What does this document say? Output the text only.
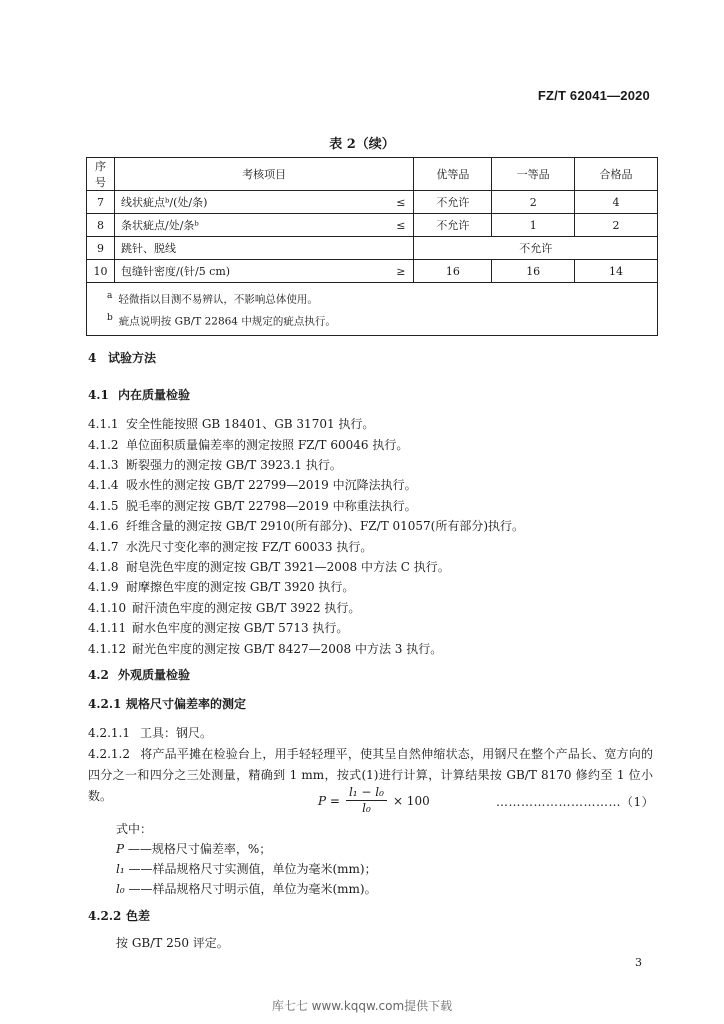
FZ/T 62041—2020
表 2（续）
序号	考核项目	优等品	一等品	合格品
7	线状疵点ᵇ/(处/条) ≤	不允许	2	4
8	条状疵点/处/条ᵇ ≤	不允许	1	2
9	跳针、脱线	不允许		
10	包缝针密度/(针/5 cm) ≥	16	16	14

$^a$ 轻微指以目测不易辨认，不影响总体使用。
$^b$ 疵点说明按 GB/T 22864 中规定的疵点执行。				
4 试验方法
4.1 内在质量检验
4.1.1 安全性能按照 GB 18401、GB 31701 执行。
4.1.2 单位面积质量偏差率的测定按照 FZ/T 60046 执行。
4.1.3 断裂强力的测定按 GB/T 3923.1 执行。
4.1.4 吸水性的测定按 GB/T 22799—2019 中沉降法执行。
4.1.5 脱毛率的测定按 GB/T 22798—2019 中称重法执行。
4.1.6 纤维含量的测定按 GB/T 2910(所有部分)、FZ/T 01057(所有部分)执行。
4.1.7 水洗尺寸变化率的测定按 FZ/T 60033 执行。
4.1.8 耐皂洗色牢度的测定按 GB/T 3921—2008 中方法 C 执行。
4.1.9 耐摩擦色牢度的测定按 GB/T 3920 执行。
4.1.10 耐汗渍色牢度的测定按 GB/T 3922 执行。
4.1.11 耐水色牢度的测定按 GB/T 5713 执行。
4.1.12 耐光色牢度的测定按 GB/T 8427—2008 中方法 3 执行。
4.2 外观质量检验
4.2.1 规格尺寸偏差率的测定
4.2.1.1 工具：钢尺。
4.2.1.2 将产品平摊在检验台上，用手轻轻理平，使其呈自然伸缩状态，用钢尺在整个产品长、宽方向的四分之一和四分之三处测量，精确到 1 mm，按式(1)进行计算，计算结果按 GB/T 8170 修约至 1 位小数。	$P = \frac{\text{l₁ − l₀}}{\text{l₀}} \times 100$	…………………………（1）
式中：
P ——规格尺寸偏差率，%；
l₁ ——样品规格尺寸实测值，单位为毫米(mm)；
l₀ ——样品规格尺寸明示值，单位为毫米(mm)。
4.2.2 色差
按 GB/T 250 评定。
3
库七七 www.kqqw.com提供下载
